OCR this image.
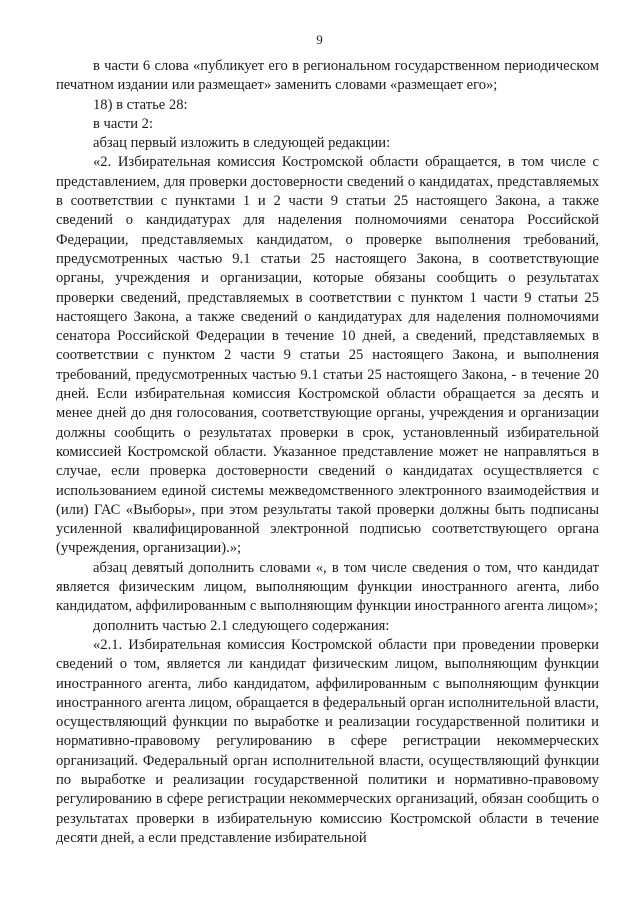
9

в части 6 слова «публикует его в региональном государственном периодическом печатном издании или размещает» заменить словами «размещает его»;

18) в статье 28:

в части 2:

абзац первый изложить в следующей редакции:

«2. Избирательная комиссия Костромской области обращается, в том числе с представлением, для проверки достоверности сведений о кандидатах, представляемых в соответствии с пунктами 1 и 2 части 9 статьи 25 настоящего Закона, а также сведений о кандидатурах для наделения полномочиями сенатора Российской Федерации, представляемых кандидатом, о проверке выполнения требований, предусмотренных частью 9.1 статьи 25 настоящего Закона, в соответствующие органы, учреждения и организации, которые обязаны сообщить о результатах проверки сведений, представляемых в соответствии с пунктом 1 части 9 статьи 25 настоящего Закона, а также сведений о кандидатурах для наделения полномочиями сенатора Российской Федерации в течение 10 дней, а сведений, представляемых в соответствии с пунктом 2 части 9 статьи 25 настоящего Закона, и выполнения требований, предусмотренных частью 9.1 статьи 25 настоящего Закона, - в течение 20 дней. Если избирательная комиссия Костромской области обращается за десять и менее дней до дня голосования, соответствующие органы, учреждения и организации должны сообщить о результатах проверки в срок, установленный избирательной комиссией Костромской области. Указанное представление может не направляться в случае, если проверка достоверности сведений о кандидатах осуществляется с использованием единой системы межведомственного электронного взаимодействия и (или) ГАС «Выборы», при этом результаты такой проверки должны быть подписаны усиленной квалифицированной электронной подписью соответствующего органа (учреждения, организации).»;

абзац девятый дополнить словами «, в том числе сведения о том, что кандидат является физическим лицом, выполняющим функции иностранного агента, либо кандидатом, аффилированным с выполняющим функции иностранного агента лицом»;

дополнить частью 2.1 следующего содержания:

«2.1. Избирательная комиссия Костромской области при проведении проверки сведений о том, является ли кандидат физическим лицом, выполняющим функции иностранного агента, либо кандидатом, аффилированным с выполняющим функции иностранного агента лицом, обращается в федеральный орган исполнительной власти, осуществляющий функции по выработке и реализации государственной политики и нормативно-правовому регулированию в сфере регистрации некоммерческих организаций. Федеральный орган исполнительной власти, осуществляющий функции по выработке и реализации государственной политики и нормативно-правовому регулированию в сфере регистрации некоммерческих организаций, обязан сообщить о результатах проверки в избирательную комиссию Костромской области в течение десяти дней, а если представление избирательной
